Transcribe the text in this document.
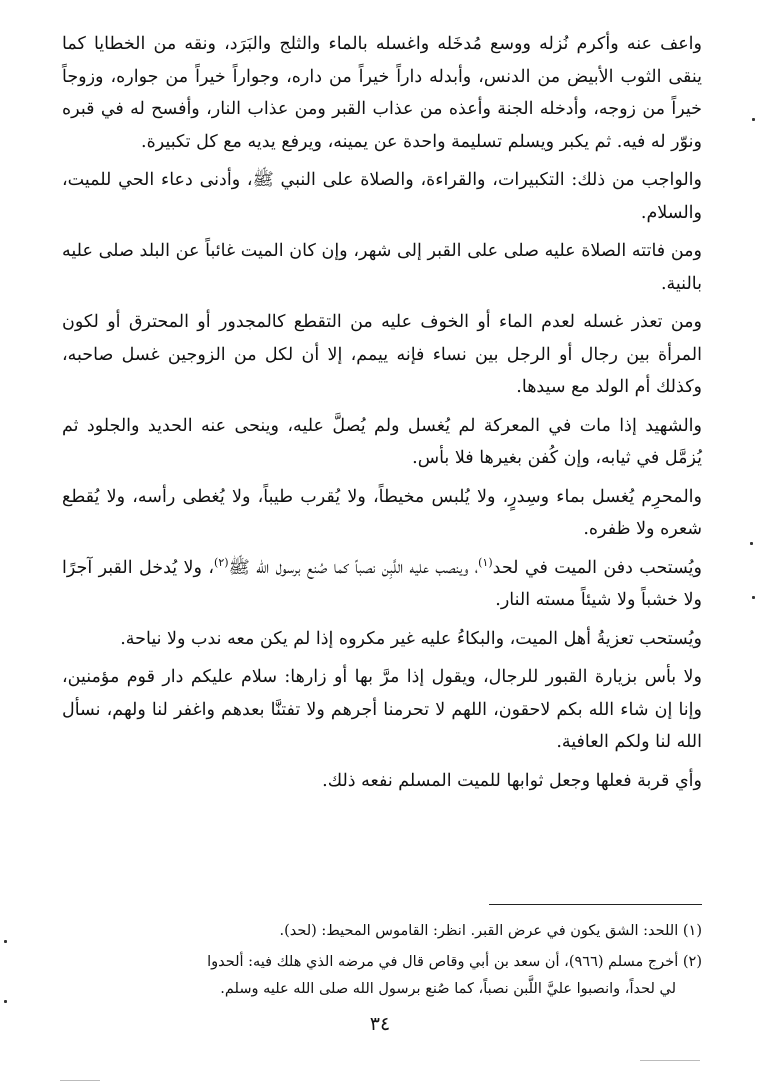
واعف عنه وأكرم نُزله ووسع مُدخَله واغسله بالماء والثلج والبَرَد، ونقه من الخطايا كما ينقى الثوب الأبيض من الدنس، وأبدله داراً خيراً من داره، وجواراً خيراً من جواره، وزوجاً خيراً من زوجه، وأدخله الجنة وأعذه من عذاب القبر ومن عذاب النار، وأفسح له في قبره ونوّر له فيه. ثم يكبر ويسلم تسليمة واحدة عن يمينه، ويرفع يديه مع كل تكبيرة.

والواجب من ذلك: التكبيرات، والقراءة، والصلاة على النبي ﷺ، وأدنى دعاء الحي للميت، والسلام.

ومن فاتته الصلاة عليه صلى على القبر إلى شهر، وإن كان الميت غائباً عن البلد صلى عليه بالنية.

ومن تعذر غسله لعدم الماء أو الخوف عليه من التقطع كالمجدور أو المحترق أو لكون المرأة بين رجال أو الرجل بين نساء فإنه ييمم، إلا أن لكل من الزوجين غسل صاحبه، وكذلك أم الولد مع سيدها.

والشهيد إذا مات في المعركة لم يُغسل ولم يُصلَّ عليه، وينحى عنه الحديد والجلود ثم يُزمَّل في ثيابه، وإن كُفن بغيرها فلا بأس.

والمحرِم يُغسل بماء وسِدرٍ، ولا يُلبس مخيطاً، ولا يُقرب طيباً، ولا يُغطى رأسه، ولا يُقطع شعره ولا ظفره.

ويُستحب دفن الميت في لحد$^{(١)}$، وينصب عليه اللَّبِن نصباً كما صُنع برسول الله ﷺ$^{(٢)}$، ولا يُدخل القبر آجرًا ولا خشباً ولا شيئاً مسته النار.

ويُستحب تعزيةُ أهل الميت، والبكاءُ عليه غير مكروه إذا لم يكن معه ندب ولا نياحة.

ولا بأس بزيارة القبور للرجال، ويقول إذا مرَّ بها أو زارها: سلام عليكم دار قوم مؤمنين، وإنا إن شاء الله بكم لاحقون، اللهم لا تحرمنا أجرهم ولا تفتنَّا بعدهم واغفر لنا ولهم، نسأل الله لنا ولكم العافية.

وأي قربة فعلها وجعل ثوابها للميت المسلم نفعه ذلك.

(١) اللحد: الشق يكون في عرض القبر. انظر: القاموس المحيط: (لحد).

(٢) أخرج مسلم (٩٦٦)، أن سعد بن أبي وقاص قال في مرضه الذي هلك فيه: ألحدوا
لي لحداً، وانصبوا عليَّ اللَّبن نصباً، كما صُنع برسول الله صلى الله عليه وسلم.

٣٤
